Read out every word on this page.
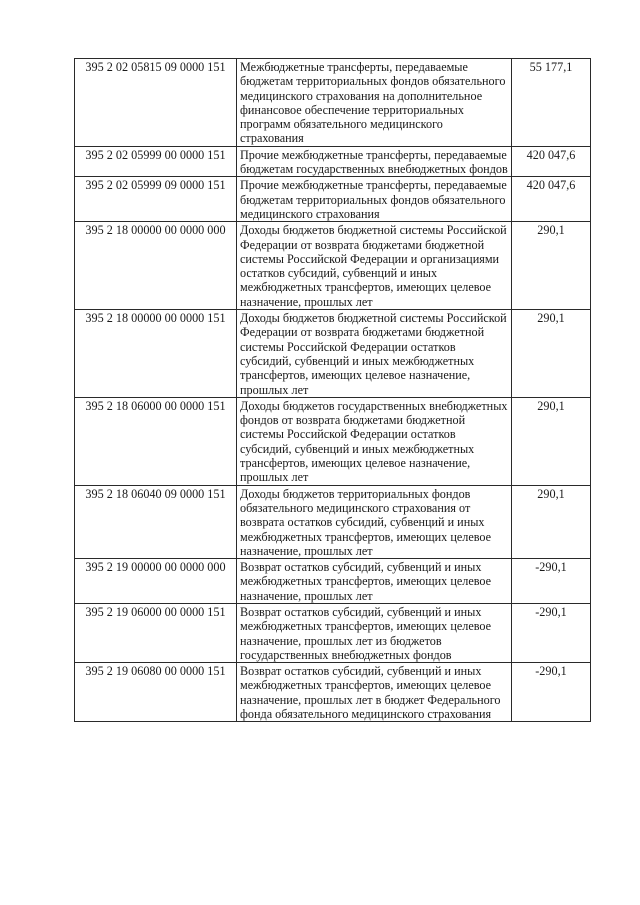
395 2 02 05815 09 0000 151	Межбюджетные трансферты, передаваемые бюджетам территориальных фондов обязательного медицинского страхования на дополнительное финансовое обеспечение территориальных программ обязательного медицинского страхования	55 177,1
395 2 02 05999 00 0000 151	Прочие межбюджетные трансферты, передаваемые бюджетам государственных внебюджетных фондов	420 047,6
395 2 02 05999 09 0000 151	Прочие межбюджетные трансферты, передаваемые бюджетам территориальных фондов обязательного медицинского страхования	420 047,6
395 2 18 00000 00 0000 000	Доходы бюджетов бюджетной системы Российской Федерации от возврата бюджетами бюджетной системы Российской Федерации и организациями остатков субсидий, субвенций и иных межбюджетных трансфертов, имеющих целевое назначение, прошлых лет	290,1
395 2 18 00000 00 0000 151	Доходы бюджетов бюджетной системы Российской Федерации от возврата бюджетами бюджетной системы Российской Федерации остатков субсидий, субвенций и иных межбюджетных трансфертов, имеющих целевое назначение, прошлых лет	290,1
395 2 18 06000 00 0000 151	Доходы бюджетов государственных внебюджетных фондов от возврата бюджетами бюджетной системы Российской Федерации остатков субсидий, субвенций и иных межбюджетных трансфертов, имеющих целевое назначение, прошлых лет	290,1
395 2 18 06040 09 0000 151	Доходы бюджетов территориальных фондов обязательного медицинского страхования от возврата остатков субсидий, субвенций и иных межбюджетных трансфертов, имеющих целевое назначение, прошлых лет	290,1
395 2 19 00000 00 0000 000	Возврат остатков субсидий, субвенций и иных межбюджетных трансфертов, имеющих целевое назначение, прошлых лет	-290,1
395 2 19 06000 00 0000 151	Возврат остатков субсидий, субвенций и иных межбюджетных трансфертов, имеющих целевое назначение, прошлых лет из бюджетов государственных внебюджетных фондов	-290,1
395 2 19 06080 00 0000 151	Возврат остатков субсидий, субвенций и иных межбюджетных трансфертов, имеющих целевое назначение, прошлых лет в бюджет Федерального фонда обязательного медицинского страхования	-290,1
